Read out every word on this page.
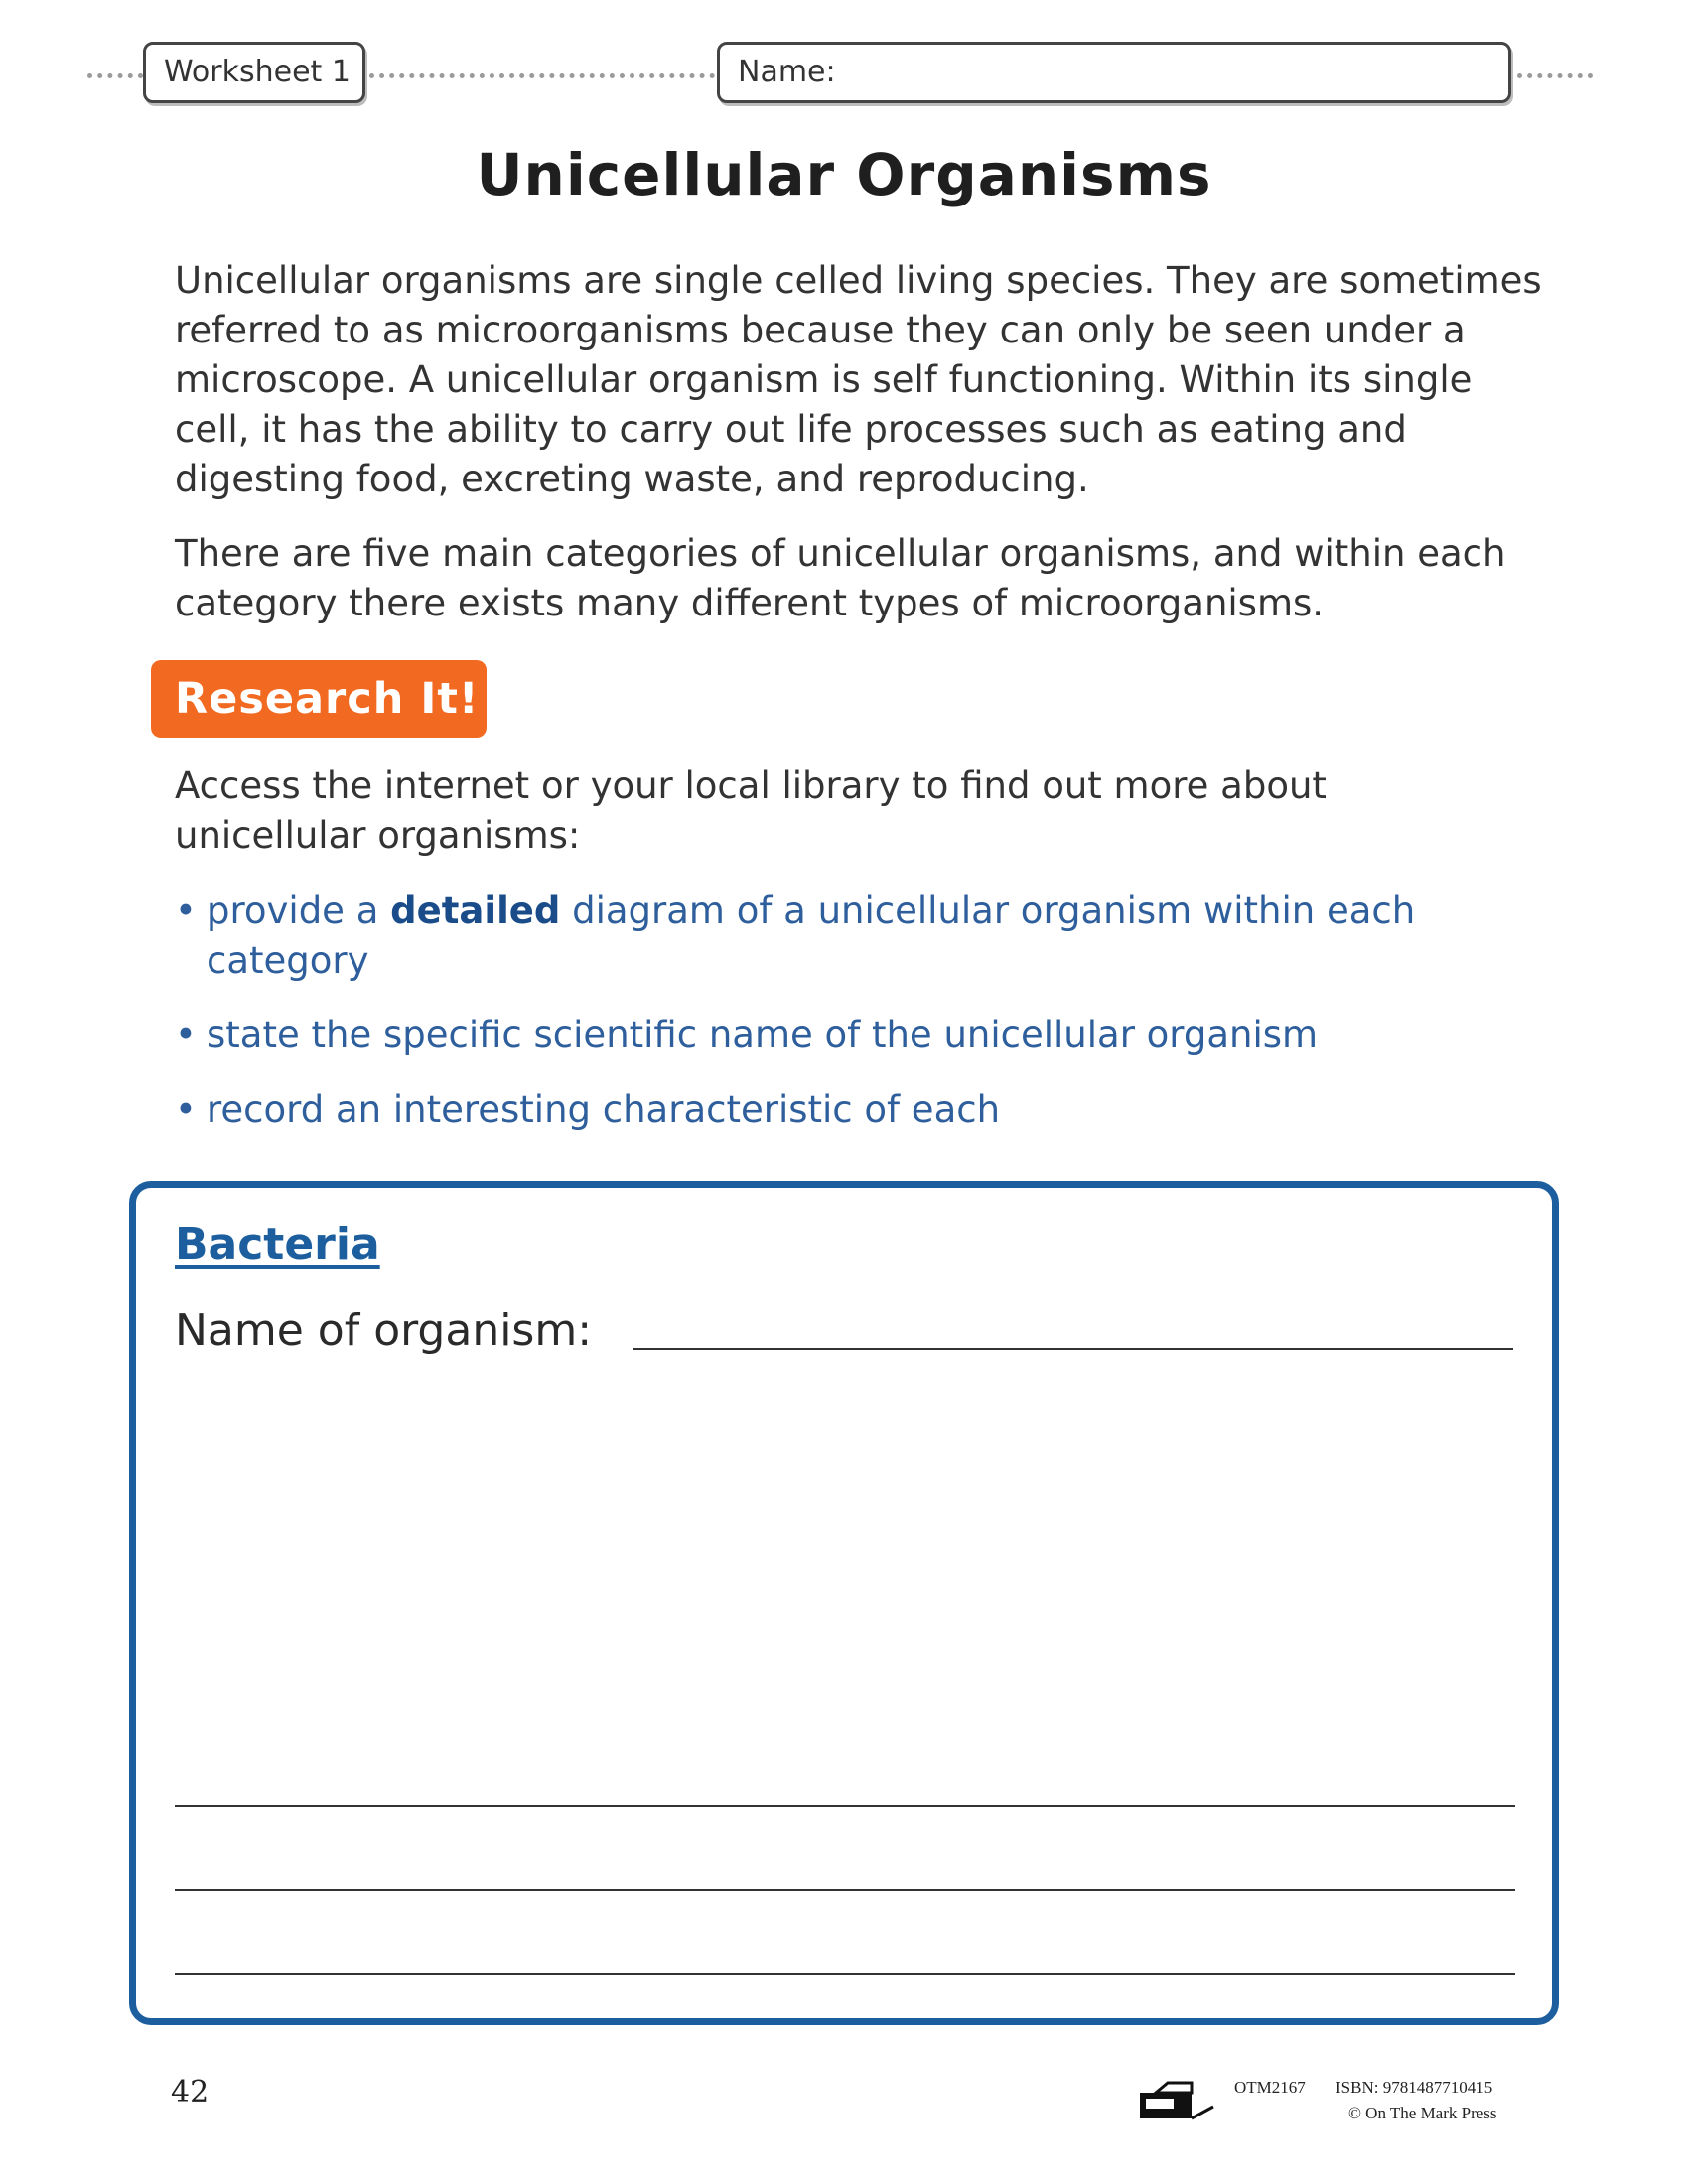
Worksheet 1	Name:
Unicellular Organisms

Unicellular organisms are single celled living species. They are sometimes referred to as microorganisms because they can only be seen under a microscope. A unicellular organism is self functioning. Within its single cell, it has the ability to carry out life processes such as eating and digesting food, excreting waste, and reproducing.

There are five main categories of unicellular organisms, and within each category there exists many different types of microorganisms.

Research It!

Access the internet or your local library to find out more about unicellular organisms:

• provide a detailed diagram of a unicellular organism within each category
• state the specific scientific name of the unicellular organism
• record an interesting characteristic of each
Bacteria
Name of organism:
42	OTM2167 ISBN: 9781487710415
© On The Mark Press
